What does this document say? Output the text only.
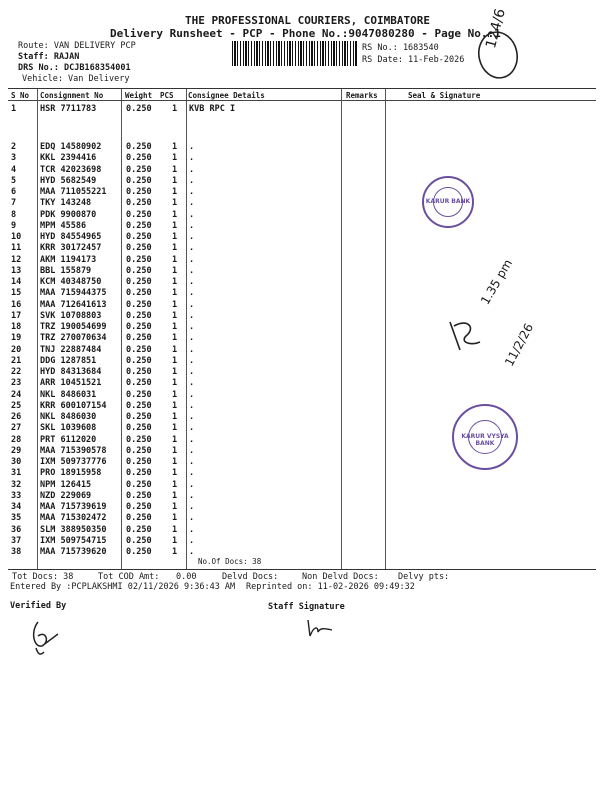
THE PROFESSIONAL COURIERS, COIMBATORE
Delivery Runsheet - PCP - Phone No.:9047080280 - Page No.:1
Route: VAN DELIVERY PCP
Staff: RAJAN
DRS No.: DCJB168354001
Vehicle: Van Delivery
RS No.: 1683540
RS Date: 11-Feb-2026
124/6
S No Consignment No	Weight PCS Consignee Details	Remarks	Seal & Signature
1	HSR 7711783	0.250 1 KVB RPC I
2	EDQ 14580902	0.250 1 .
3	KKL 2394416	0.250 1 .
4	TCR 42023698	0.250 1 .
5	HYD 5682549	0.250 1 .
6	MAA 711055221 0.250 1 .
7	TKY 143248	0.250 1 .
8	PDK 9900870	0.250 1 .
9	MPM 45586	0.250 1 .
10 HYD 84554965	0.250 1 .
11 KRR 30172457	0.250 1 .
12 AKM 1194173	0.250 1 .
13 BBL 155879	0.250 1 .
14 KCM 40348750	0.250 1 .
15 MAA 715944375 0.250 1 .
16 MAA 712641613 0.250 1 .
17 SVK 10708803	0.250 1 .
18 TRZ 190054699 0.250 1 .
19 TRZ 270070634 0.250 1 .
20 TNJ 22887484	0.250 1 .
21 DDG 1287851	0.250 1 .
22 HYD 84313684	0.250 1 .
23 ARR 10451521	0.250 1 .
24 NKL 8486031	0.250 1 .
25 KRR 600107154 0.250 1 .
26 NKL 8486030	0.250 1 .
27 SKL 1039608	0.250 1 .
28 PRT 6112020	0.250 1 .
29 MAA 715390578 0.250 1 .
30 IXM 509737776 0.250 1 .
31 PRO 18915958	0.250 1 .
32 NPM 126415	0.250 1 .
33 NZD 229069	0.250 1 .
34 MAA 715739619 0.250 1 .
35 MAA 715302472 0.250 1 .
36 SLM 388950350 0.250 1 .
37 IXM 509754715 0.250 1 .
38 MAA 715739620 0.250 1 .
No.Of Docs: 38
KARUR BANK
KARUR VYSYA BANK
1.35 pm
11/2/26
Tot Docs: 38	Tot COD Amt: 0.00	Delvd Docs:	Non Delvd Docs: Delvy pts:
Entered By :PCPLAKSHMI 02/11/2026 9:36:43 AM Reprinted on: 11-02-2026 09:49:32
Verified By	Staff Signature
